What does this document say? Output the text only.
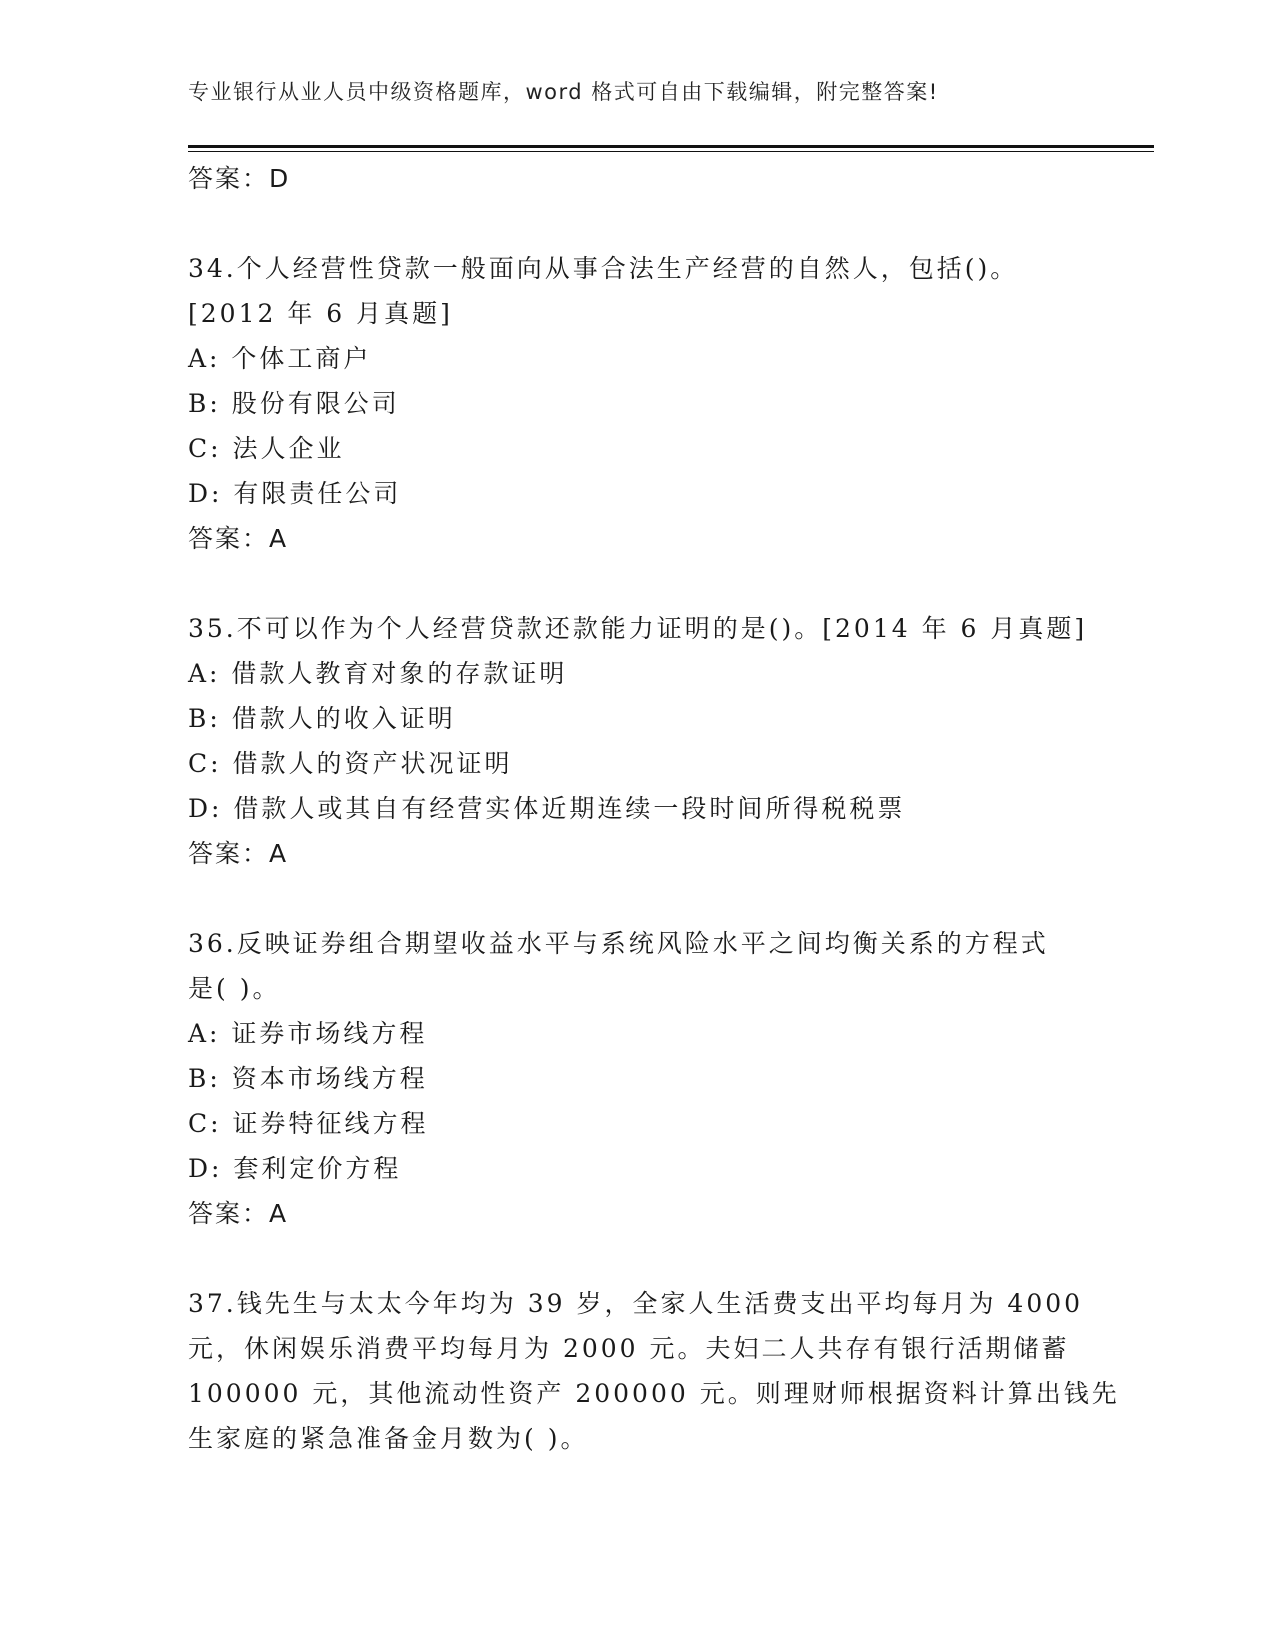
专业银行从业人员中级资格题库，word 格式可自由下载编辑，附完整答案!
答案：D
34.个人经营性贷款一般面向从事合法生产经营的自然人，包括()。
[2012 年 6 月真题]
A: 个体工商户
B: 股份有限公司
C: 法人企业
D: 有限责任公司
答案：A
35.不可以作为个人经营贷款还款能力证明的是()。[2014 年 6 月真题]
A: 借款人教育对象的存款证明
B: 借款人的收入证明
C: 借款人的资产状况证明
D: 借款人或其自有经营实体近期连续一段时间所得税税票
答案：A
36.反映证券组合期望收益水平与系统风险水平之间均衡关系的方程式
是( )。
A: 证券市场线方程
B: 资本市场线方程
C: 证券特征线方程
D: 套利定价方程
答案：A
37.钱先生与太太今年均为 39 岁，全家人生活费支出平均每月为 4000
元，休闲娱乐消费平均每月为 2000 元。夫妇二人共存有银行活期储蓄
100000 元，其他流动性资产 200000 元。则理财师根据资料计算出钱先
生家庭的紧急准备金月数为( )。
